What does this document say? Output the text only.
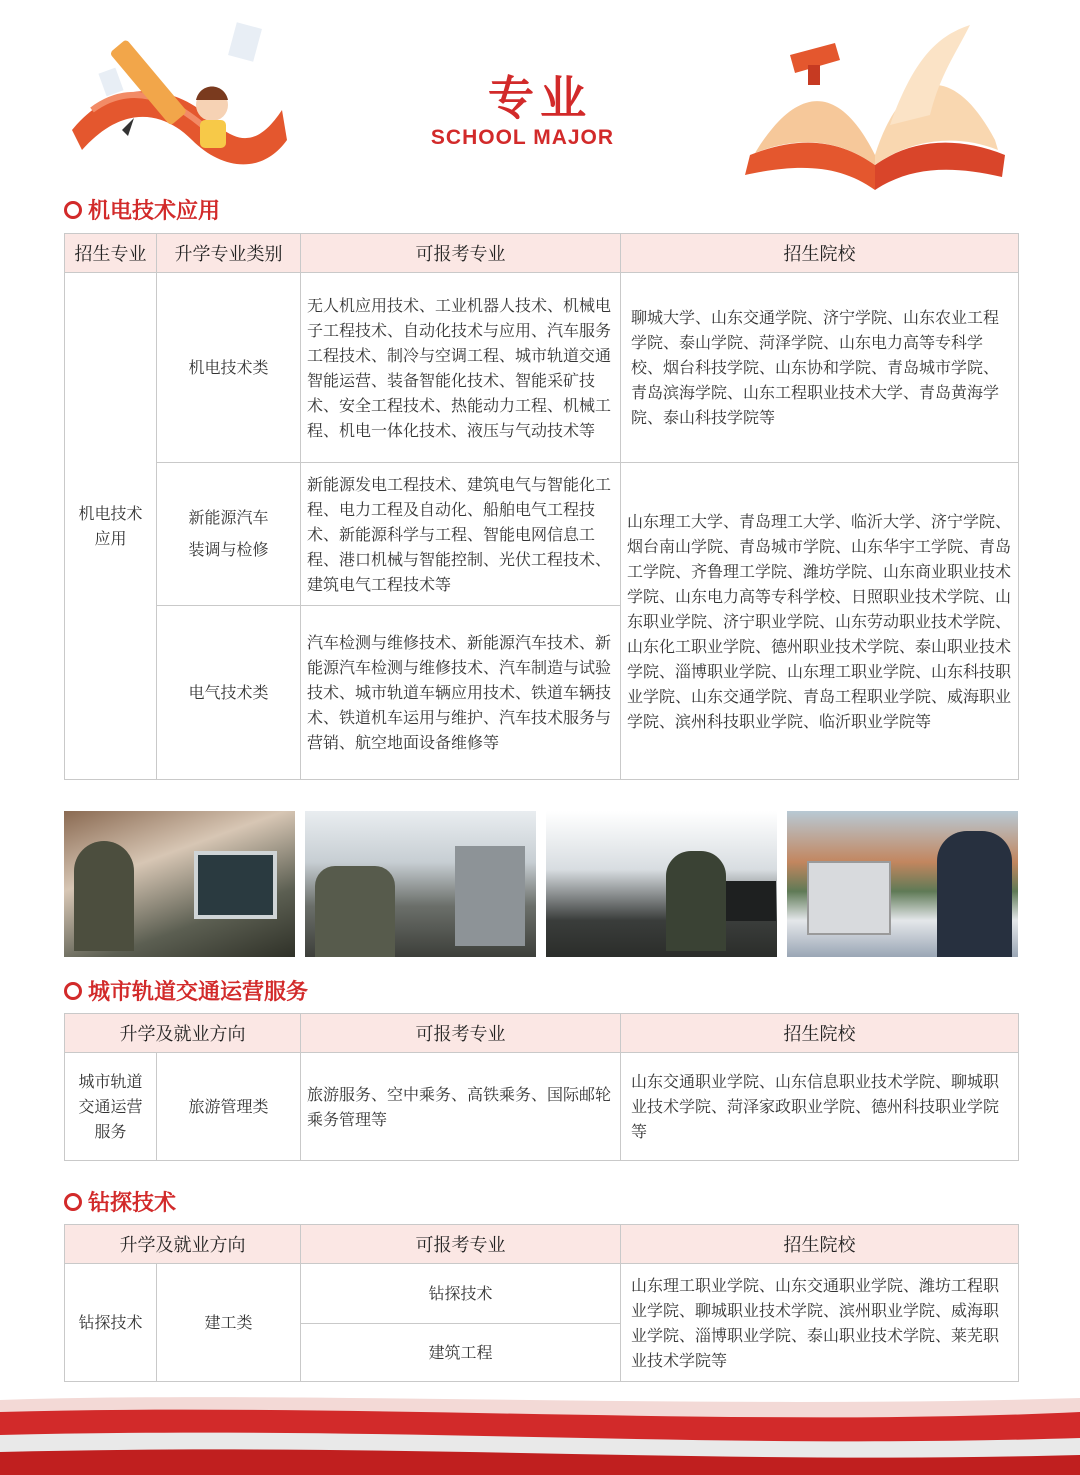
专业
SCHOOL MAJOR
机电技术应用
招生专业	升学专业类别	可报考专业	招生院校
机电技术应用	机电技术类	无人机应用技术、工业机器人技术、机械电子工程技术、自动化技术与应用、汽车服务工程技术、制冷与空调工程、城市轨道交通智能运营、装备智能化技术、智能采矿技术、安全工程技术、热能动力工程、机械工程、机电一体化技术、液压与气动技术等	聊城大学、山东交通学院、济宁学院、山东农业工程学院、泰山学院、菏泽学院、山东电力高等专科学校、烟台科技学院、山东协和学院、青岛城市学院、青岛滨海学院、山东工程职业技术大学、青岛黄海学院、泰山科技学院等
	新能源汽车装调与检修	新能源发电工程技术、建筑电气与智能化工程、电力工程及自动化、船舶电气工程技术、新能源科学与工程、智能电网信息工程、港口机械与智能控制、光伏工程技术、建筑电气工程技术等	山东理工大学、青岛理工大学、临沂大学、济宁学院、烟台南山学院、青岛城市学院、山东华宇工学院、青岛工学院、齐鲁理工学院、潍坊学院、山东商业职业技术学院、山东电力高等专科学校、日照职业技术学院、山东职业学院、济宁职业学院、山东劳动职业技术学院、山东化工职业学院、德州职业技术学院、泰山职业技术学院、淄博职业学院、山东理工职业学院、山东科技职业学院、山东交通学院、青岛工程职业学院、威海职业学院、滨州科技职业学院、临沂职业学院等
	电气技术类	汽车检测与维修技术、新能源汽车技术、新能源汽车检测与维修技术、汽车制造与试验技术、城市轨道车辆应用技术、铁道车辆技术、铁道机车运用与维护、汽车技术服务与营销、航空地面设备维修等	
城市轨道交通运营服务
升学及就业方向		可报考专业	招生院校
城市轨道交通运营服务	旅游管理类	旅游服务、空中乘务、高铁乘务、国际邮轮乘务管理等	山东交通职业学院、山东信息职业技术学院、聊城职业技术学院、菏泽家政职业学院、德州科技职业学院等
钻探技术
升学及就业方向		可报考专业	招生院校
钻探技术	建工类	钻探技术	山东理工职业学院、山东交通职业学院、潍坊工程职业学院、聊城职业技术学院、滨州职业学院、威海职业学院、淄博职业学院、泰山职业技术学院、莱芜职业技术学院等
		建筑工程	
